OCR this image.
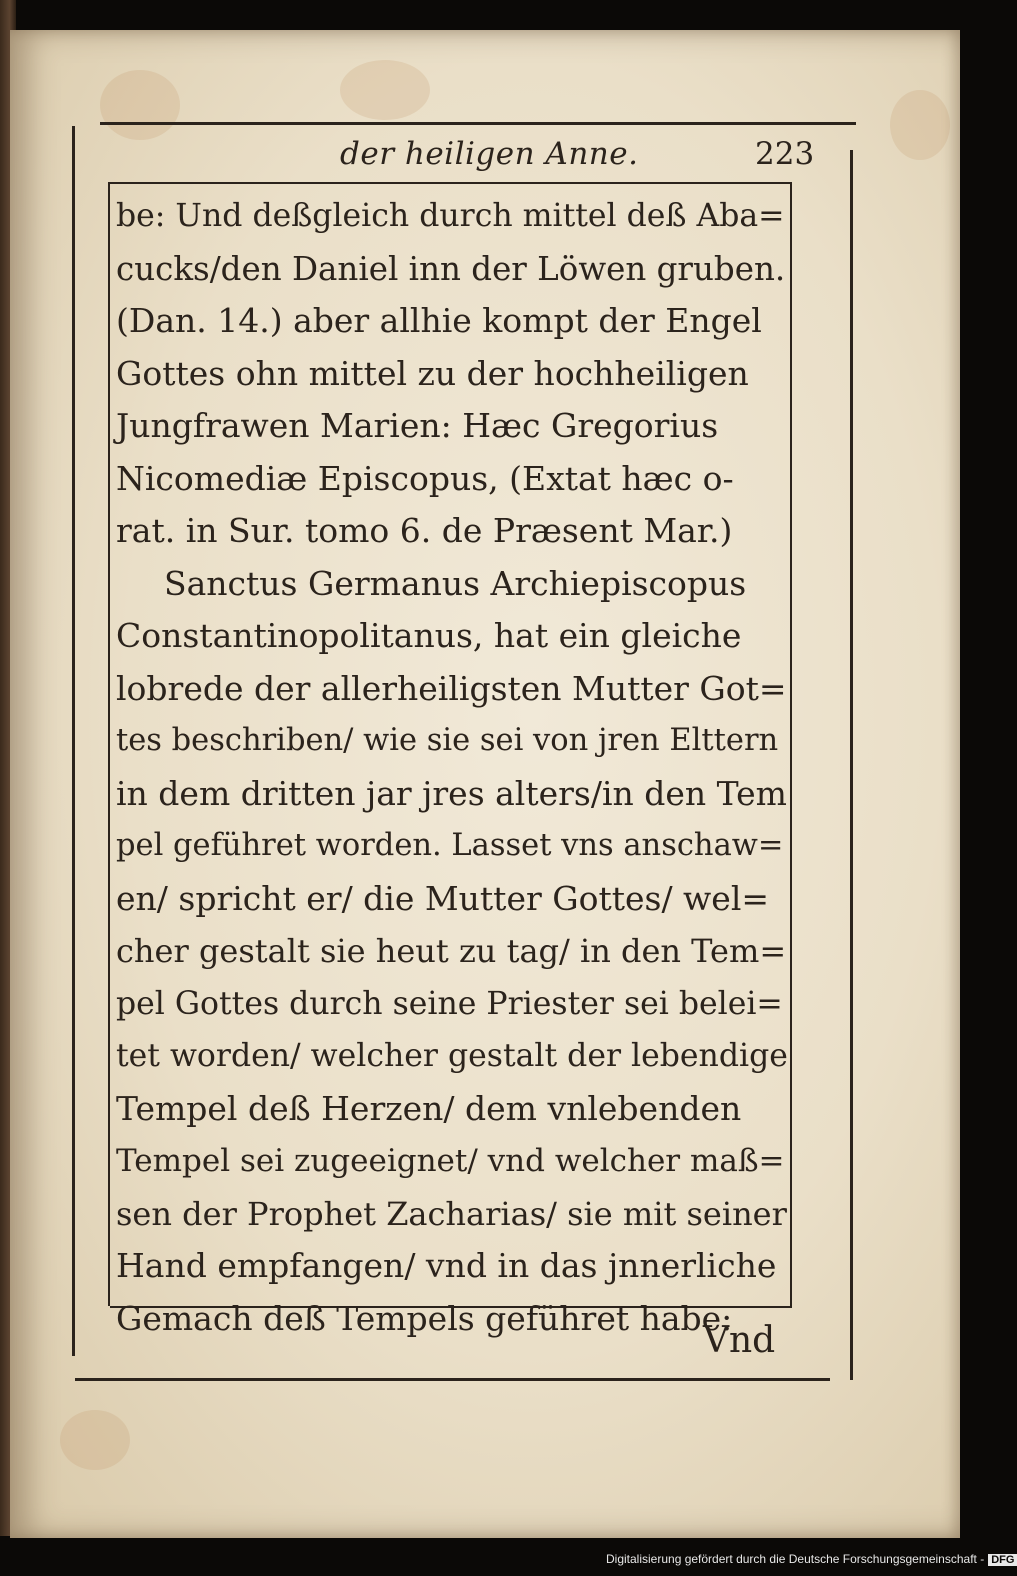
der heiligen Anne.	223
be: Und deßgleich durch mittel deß Aba=
cucks/den Daniel inn der Löwen gruben.
(Dan. 14.) aber allhie kompt der Engel
Gottes ohn mittel zu der hochheiligen
Jungfrawen Marien: Hæc Gregorius
Nicomediæ Episcopus, (Extat hæc o-
rat. in Sur. tomo 6. de Præsent Mar.)
Sanctus Germanus Archiepiscopus
Constantinopolitanus, hat ein gleiche
lobrede der allerheiligsten Mutter Got=
tes beschriben/ wie sie sei von jren Elttern
in dem dritten jar jres alters/in den Tem
pel geführet worden. Lasset vns anschaw=
en/ spricht er/ die Mutter Gottes/ wel=
cher gestalt sie heut zu tag/ in den Tem=
pel Gottes durch seine Priester sei belei=
tet worden/ welcher gestalt der lebendige
Tempel deß Herzen/ dem vnlebenden
Tempel sei zugeeignet/ vnd welcher maß=
sen der Prophet Zacharias/ sie mit seiner
Hand empfangen/ vnd in das jnnerliche
Gemach deß Tempels geführet habe:
Vnd
Digitalisierung gefördert durch die Deutsche Forschungsgemeinschaft - DFG
